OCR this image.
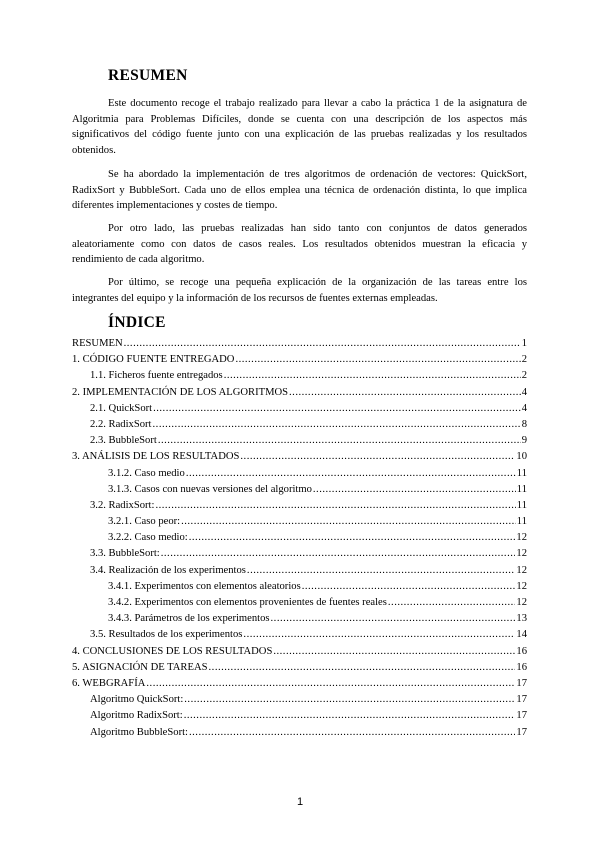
RESUMEN

Este documento recoge el trabajo realizado para llevar a cabo la práctica 1 de la asignatura de Algoritmia para Problemas Difíciles, donde se cuenta con una descripción de los aspectos más significativos del código fuente junto con una explicación de las pruebas realizadas y los resultados obtenidos.

Se ha abordado la implementación de tres algoritmos de ordenación de vectores: QuickSort, RadixSort y BubbleSort. Cada uno de ellos emplea una técnica de ordenación distinta, lo que implica diferentes implementaciones y costes de tiempo.

Por otro lado, las pruebas realizadas han sido tanto con conjuntos de datos generados aleatoriamente como con datos de casos reales. Los resultados obtenidos muestran la eficacia y rendimiento de cada algoritmo.

Por último, se recoge una pequeña explicación de la organización de las tareas entre los integrantes del equipo y la información de los recursos de fuentes externas empleadas.

ÍNDICE
RESUMEN .....	1
1. CÓDIGO FUENTE ENTREGADO .....	2
1.1. Ficheros fuente entregados .....	2
2. IMPLEMENTACIÓN DE LOS ALGORITMOS .....	4
2.1. QuickSort .....	4
2.2. RadixSort .....	8
2.3. BubbleSort .....	9
3. ANÁLISIS DE LOS RESULTADOS .....	10
3.1.2. Caso medio .....	11
3.1.3. Casos con nuevas versiones del algoritmo .....	11
3.2. RadixSort: .....	11
3.2.1. Caso peor: .....	11
3.2.2. Caso medio: .....	12
3.3. BubbleSort: .....	12
3.4. Realización de los experimentos .....	12
3.4.1. Experimentos con elementos aleatorios .....	12
3.4.2. Experimentos con elementos provenientes de fuentes reales .....	12
3.4.3. Parámetros de los experimentos .....	13
3.5. Resultados de los experimentos .....	14
4. CONCLUSIONES DE LOS RESULTADOS .....	16
5. ASIGNACIÓN DE TAREAS .....	16
6. WEBGRAFÍA .....	17
Algoritmo QuickSort: .....	17
Algoritmo RadixSort: .....	17
Algoritmo BubbleSort: .....	17
1
